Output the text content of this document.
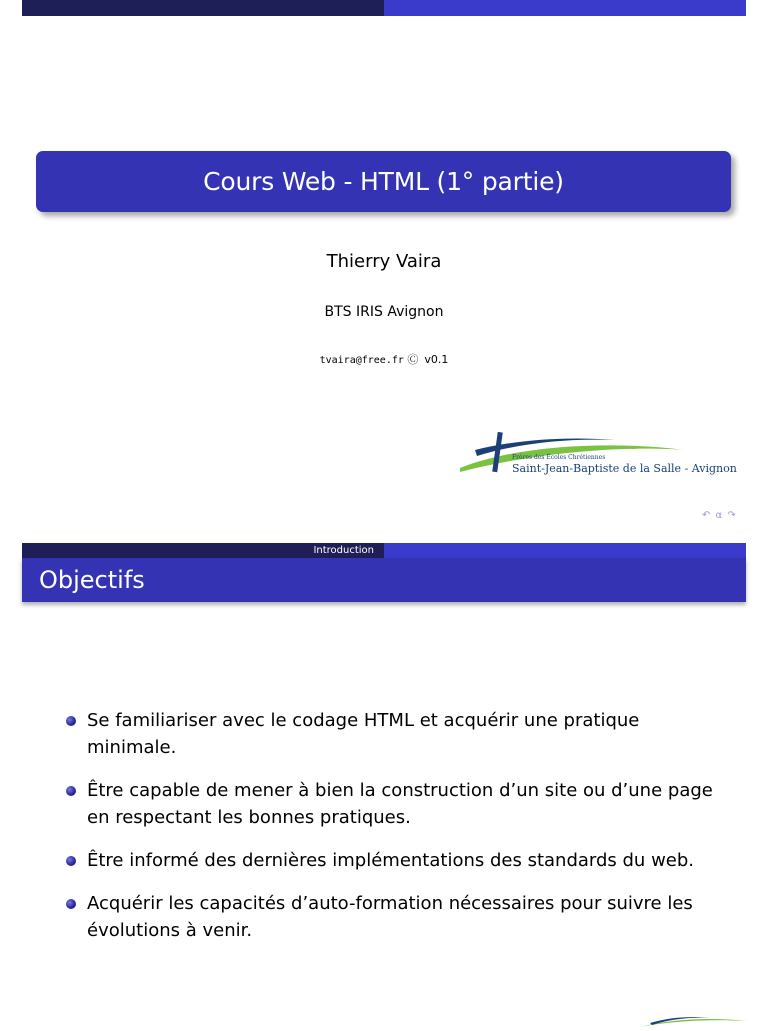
Cours Web - HTML (1° partie)
Thierry Vaira
BTS IRIS Avignon
tvaira@free.fr Ⓒ v0.1
Frères des Écoles Chrétiennes
Saint-Jean-Baptiste de la Salle - Avignon
↶ α ↷
Introduction
Objectifs
Se familiariser avec le codage HTML et acquérir une pratique minimale.
Être capable de mener à bien la construction d’un site ou d’une page en respectant les bonnes pratiques.
Être informé des dernières implémentations des standards du web.
Acquérir les capacités d’auto-formation nécessaires pour suivre les évolutions à venir.
